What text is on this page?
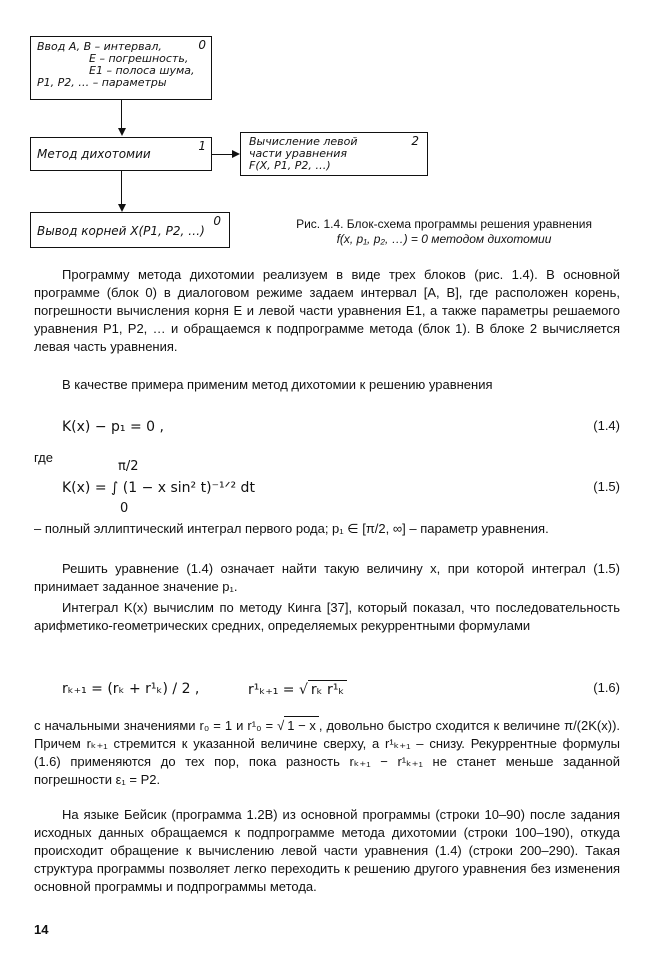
0
Ввод A, B – интервал,
E – погрешность,
E1 – полоса шума,
P1, P2, … – параметры
1
Метод дихотомии
2
Вычисление левой
части уравнения
F(X, P1, P2, …)
0
Вывод корней X(P1, P2, …)	Рис. 1.4. Блок-схема программы решения уравнения
f(x, p₁, p₂, …) = 0 методом дихотомии
Программу метода дихотомии реализуем в виде трех блоков (рис. 1.4). В основной программе (блок 0) в диалоговом режиме задаем интервал [A, B], где расположен корень, погрешности вычисления корня E и левой части уравнения E1, а также параметры решаемого уравнения P1, P2, … и обращаемся к подпрограмме метода (блок 1). В блоке 2 вычисляется левая часть уравнения.
В качестве примера применим метод дихотомии к решению уравнения
K(x) − p₁ = 0 ,	(1.4)
где
π/2
K(x) = ∫ (1 − x sin² t)⁻¹ᐟ² dt
0
(1.5)
– полный эллиптический интеграл первого рода; p₁ ∈ [π/2, ∞] – параметр уравнения.
Решить уравнение (1.4) означает найти такую величину x, при которой интеграл (1.5) принимает заданное значение p₁.
Интеграл K(x) вычислим по методу Кинга [37], который показал, что последовательность арифметико-геометрических средних, определяемых рекуррентными формулами
rₖ₊₁ = (rₖ + r¹ₖ) / 2 ,	r¹ₖ₊₁ = √ rₖ r¹ₖ	(1.6)
с начальными значениями r₀ = 1 и r¹₀ = √ 1 − x , довольно быстро сходится к величине π/(2K(x)). Причем rₖ₊₁ стремится к указанной величине сверху, а r¹ₖ₊₁ – снизу. Рекуррентные формулы (1.6) применяются до тех пор, пока разность rₖ₊₁ − r¹ₖ₊₁ не станет меньше заданной погрешности ε₁ = P2.
На языке Бейсик (программа 1.2В) из основной программы (строки 10–90) после задания исходных данных обращаемся к подпрограмме метода дихотомии (строки 100–190), откуда происходит обращение к вычислению левой части уравнения (1.4) (строки 200–290). Такая структура программы позволяет легко переходить к решению другого уравнения без изменения основной программы и подпрограммы метода.
14
